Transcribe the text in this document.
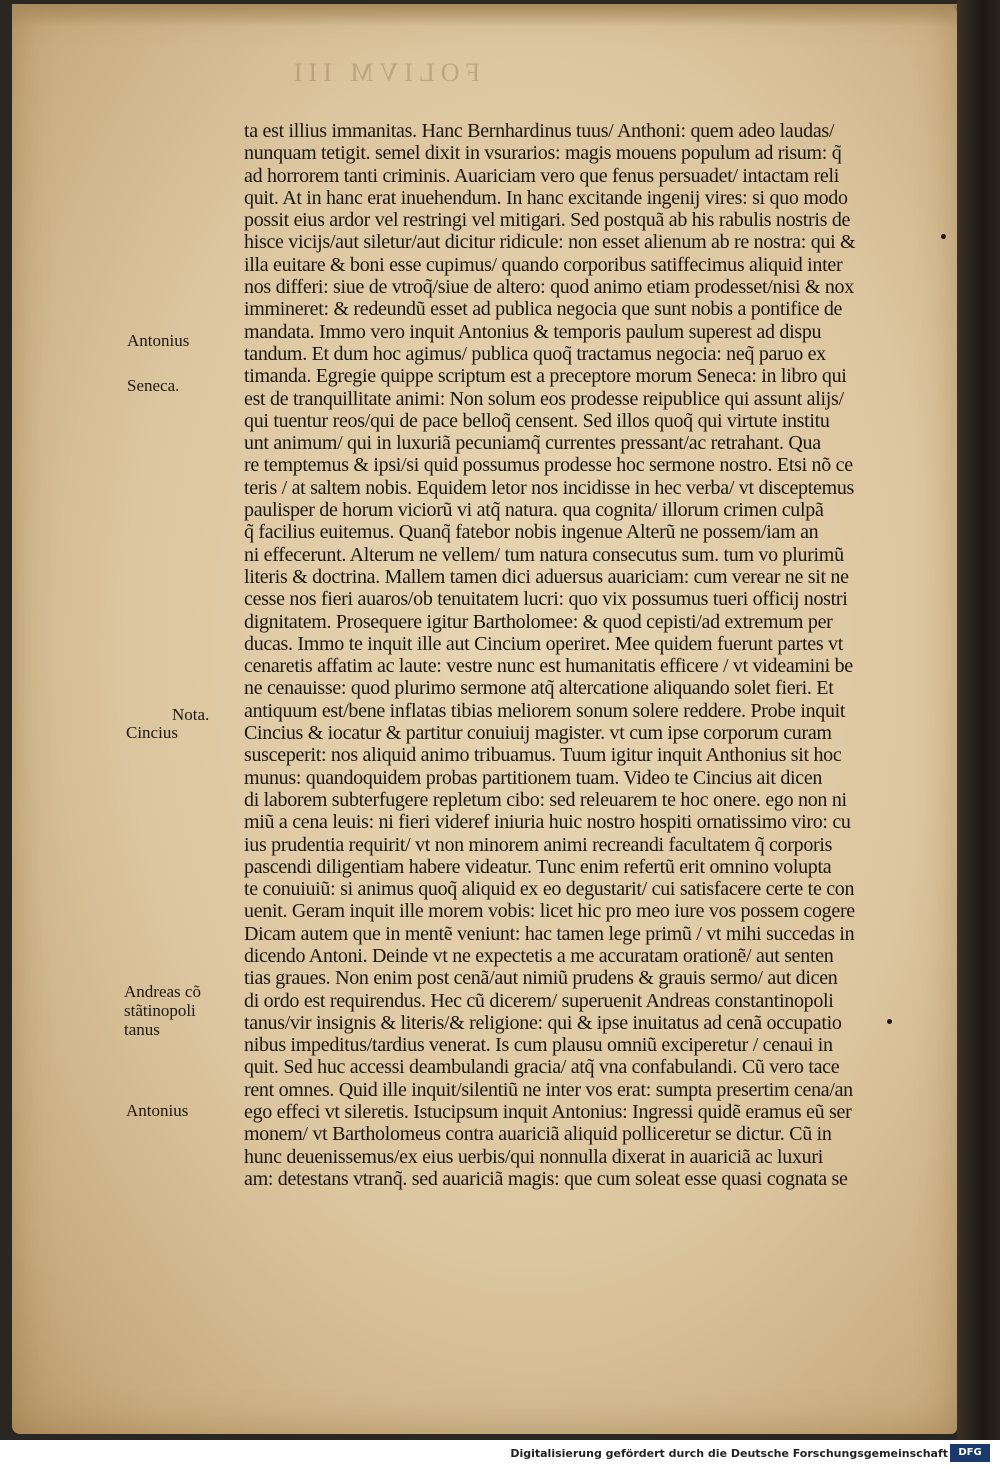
FOLIVM III
ta est illius immanitas. Hanc Bernhardinus tuus/ Anthoni: quem adeo laudas/
nunquam tetigit. semel dixit in vsurarios: magis mouens populum ad risum: q̃
ad horrorem tanti criminis. Auariciam vero que fenus persuadet/ intactam reli
quit. At in hanc erat inuehendum. In hanc excitande ingenij vires: si quo modo
possit eius ardor vel restringi vel mitigari. Sed postquã ab his rabulis nostris de
hisce vicijs/aut siletur/aut dicitur ridicule: non esset alienum ab re nostra: qui &
illa euitare & boni esse cupimus/ quando corporibus satiffecimus aliquid inter
nos differi: siue de vtroq̃/siue de altero: quod animo etiam prodesset/nisi & nox
immineret: & redeundũ esset ad publica negocia que sunt nobis a pontifice de
mandata. Immo vero inquit Antonius & temporis paulum superest ad dispu
tandum. Et dum hoc agimus/ publica quoq̃ tractamus negocia: neq̃ paruo ex
timanda. Egregie quippe scriptum est a preceptore morum Seneca: in libro qui
est de tranquillitate animi: Non solum eos prodesse reipublice qui assunt alijs/
qui tuentur reos/qui de pace belloq̃ censent. Sed illos quoq̃ qui virtute institu
unt animum/ qui in luxuriã pecuniamq̃ currentes pressant/ac retrahant. Qua
re temptemus & ipsi/si quid possumus prodesse hoc sermone nostro. Etsi nõ ce
teris / at saltem nobis. Equidem letor nos incidisse in hec verba/ vt disceptemus
paulisper de horum viciorũ vi atq̃ natura. qua cognita/ illorum crimen culpã
q̃ facilius euitemus. Quanq̃ fatebor nobis ingenue Alterũ ne possem/iam an
ni effecerunt. Alterum ne vellem/ tum natura consecutus sum. tum vo plurimũ
literis & doctrina. Mallem tamen dici aduersus auariciam: cum verear ne sit ne
cesse nos fieri auaros/ob tenuitatem lucri: quo vix possumus tueri officij nostri
dignitatem. Prosequere igitur Bartholomee: & quod cepisti/ad extremum per
ducas. Immo te inquit ille aut Cincium operiret. Mee quidem fuerunt partes vt
cenaretis affatim ac laute: vestre nunc est humanitatis efficere / vt videamini be
ne cenauisse: quod plurimo sermone atq̃ altercatione aliquando solet fieri. Et
antiquum est/bene inflatas tibias meliorem sonum solere reddere. Probe inquit
Cincius & iocatur & partitur conuiuij magister. vt cum ipse corporum curam
susceperit: nos aliquid animo tribuamus. Tuum igitur inquit Anthonius sit hoc
munus: quandoquidem probas partitionem tuam. Video te Cincius ait dicen
di laborem subterfugere repletum cibo: sed releuarem te hoc onere. ego non ni
miũ a cena leuis: ni fieri videref iniuria huic nostro hospiti ornatissimo viro: cu
ius prudentia requirit/ vt non minorem animi recreandi facultatem q̃ corporis
pascendi diligentiam habere videatur. Tunc enim refertũ erit omnino volupta
te conuiuiũ: si animus quoq̃ aliquid ex eo degustarit/ cui satisfacere certe te con
uenit. Geram inquit ille morem vobis: licet hic pro meo iure vos possem cogere
Dicam autem que in mentẽ veniunt: hac tamen lege primũ / vt mihi succedas in
dicendo Antoni. Deinde vt ne expectetis a me accuratam orationẽ/ aut senten
tias graues. Non enim post cenã/aut nimiũ prudens & grauis sermo/ aut dicen
di ordo est requirendus. Hec cũ dicerem/ superuenit Andreas constantinopoli
tanus/vir insignis & literis/& religione: qui & ipse inuitatus ad cenã occupatio
nibus impeditus/tardius venerat. Is cum plausu omniũ exciperetur / cenaui in
quit. Sed huc accessi deambulandi gracia/ atq̃ vna confabulandi. Cũ vero tace
rent omnes. Quid ille inquit/silentiũ ne inter vos erat: sumpta presertim cena/an
ego effeci vt sileretis. Istucipsum inquit Antonius: Ingressi quidẽ eramus eũ ser
monem/ vt Bartholomeus contra auariciã aliquid polliceretur se dictur. Cũ in
hunc deuenissemus/ex eius uerbis/qui nonnulla dixerat in auariciã ac luxuri
am: detestans vtranq̃. sed auariciã magis: que cum soleat esse quasi cognata se
Antonius
Seneca.
Nota.
Cincius
Andreas cõ
stãtinopoli
tanus
Antonius
Digitalisierung gefördert durch die Deutsche Forschungsgemeinschaft	DFG
